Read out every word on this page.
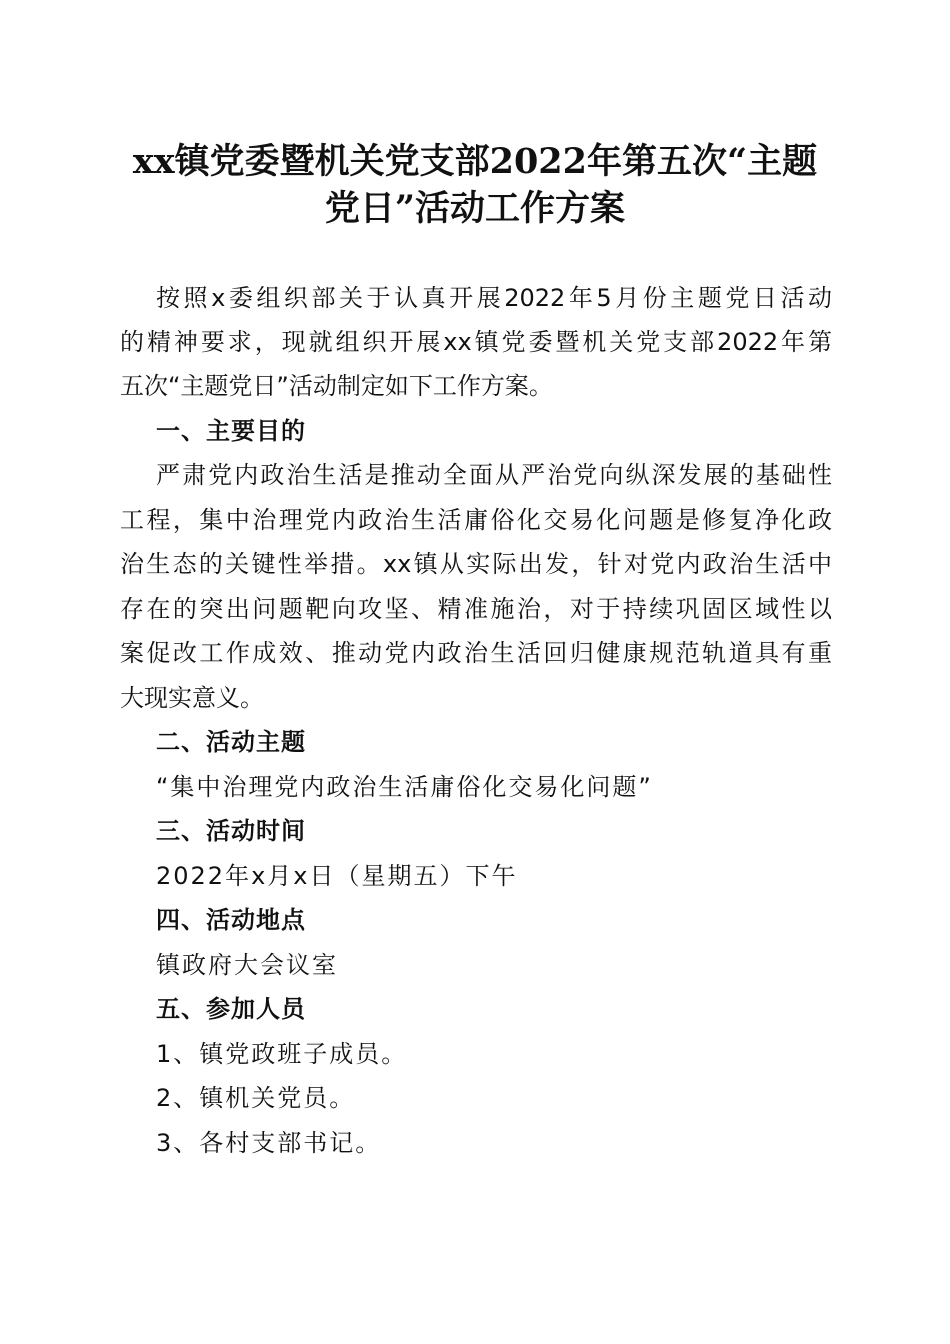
xx镇党委暨机关党支部2022年第五次“主题
党日”活动工作方案
按照x委组织部关于认真开展2022年5月份主题党日活动
的精神要求，现就组织开展xx镇党委暨机关党支部2022年第
五次“主题党日”活动制定如下工作方案。
一、主要目的
严肃党内政治生活是推动全面从严治党向纵深发展的基础性
工程，集中治理党内政治生活庸俗化交易化问题是修复净化政
治生态的关键性举措。xx镇从实际出发，针对党内政治生活中
存在的突出问题靶向攻坚、精准施治，对于持续巩固区域性以
案促改工作成效、推动党内政治生活回归健康规范轨道具有重
大现实意义。
二、活动主题
“集中治理党内政治生活庸俗化交易化问题”
三、活动时间
2022年x月x日（星期五）下午
四、活动地点
镇政府大会议室
五、参加人员
1、镇党政班子成员。
2、镇机关党员。
3、各村支部书记。
